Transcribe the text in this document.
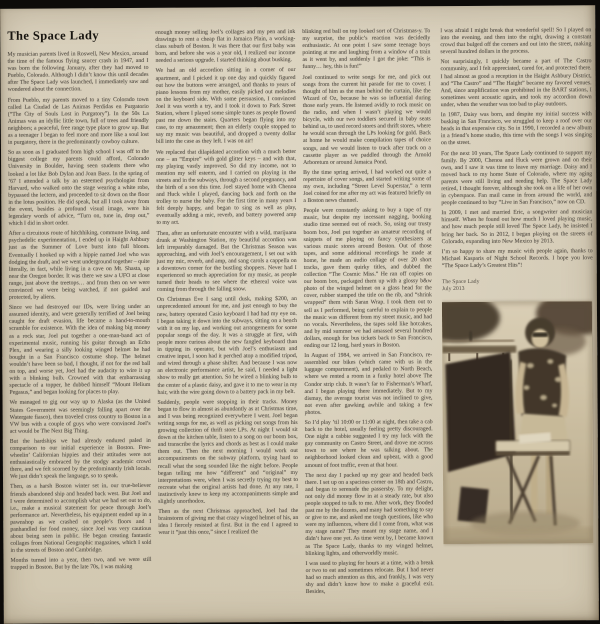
The Space Lady

My musician parents lived in Roswell, New Mexico, around the time of the famous flying saucer crash in 1947, and I was born the following January, after they had moved to Pueblo, Colorado. Although I didn’t know this until decades after The Space Lady was launched, I immediately saw and wondered about the connection.

From Pueblo, my parents moved to a tiny Colorado town called La Ciudad de Las Animas Perdidas en Purgatorio (“The City of Souls Lost in Purgatory”). In the 50s La Animas was an idyllic little town, full of trees and friendly neighbors; a peaceful, free range type place to grow up. But as a teenager I began to feel more and more like a soul lost in purgatory, there in the predominantly cowboy culture.

So as soon as I graduated from high school I was off to the biggest college my parents could afford, Colorado University in Boulder, having seen students there who looked a lot like Bob Dylan and Joan Baez. In the spring of ’67 I attended a talk by an esteemed psychologist from Harvard, who walked onto the stage wearing a white robe, bypassed the lectern, and proceeded to sit down on the floor in the lotus position. He did speak, but all I took away from the event, besides a profound visual image, were his legendary words of advice, “Turn on, tune in, drop out,” which I did in short order.

After a circuitous route of hitchhiking, commune living, and psychedelic experimentation, I ended up in Haight Ashbury just as the Summer of Love burst into full bloom. Eventually I hooked up with a hippie named Joel who was dodging the draft, and we went underground together – quite literally, in fact, while living in a cave on Mt. Shasta, up near the Oregon border. It was there we saw a UFO at close range, just above the treetops… and from then on we were convinced we were being watched, if not guided and protected, by aliens.

Since we had destroyed our IDs, were living under an assumed identity, and were generally terrified of Joel being caught for draft evasion, life became a hand-to-mouth scramble for existence. With the idea of making big money as a rock star, Joel put together a one-man-band act of experimental music, running his guitar through an Echo Plex, and wearing a silly looking winged helmet he had bought in a San Francisco costume shop. The helmet wouldn’t have been so bad, I thought, if not for the red ball on top, and worse yet, Joel had the audacity to wire it up with a blinking bulb. Crowned with that embarrassing spectacle of a topper, he dubbed himself “Mount Helium Pegasus,” and began looking for places to play.

We managed to gig our way up to Alaska (as the United States Government was seemingly falling apart over the Watergate fiasco), then traveled cross country to Boston in a VW bus with a couple of guys who were convinced Joel’s act would be The Next Big Thing.

But the hardships we had already endured paled in comparison to our initial experience in Boston. Free-wheelin’ Californian hippies and their attitudes were not enthusiastically embraced by the stodgy academic crowd there, and we felt scorned by the predominantly Irish locals. We just didn’t speak the language, so to speak.

Then, as a harsh Boston winter set in, our true-believer friends abandoned ship and headed back west. But Joel and I were determined to accomplish what we had set out to do, i.e., make a musical statement for peace through Joel’s performance art. Nevertheless, his equipment ended up in a pawnshop as we crashed on people’s floors and I panhandled for food money, since Joel was very cautious about being seen in public. He began creating fantastic collages from National Geographic magazines, which I sold in the streets of Boston and Cambridge.

Months turned into a year, then two, and we were still trapped in Boston. But by the late 70s, I was making

enough money selling Joel’s collages and my pen and ink drawings to rent a cheap flat in Jamaica Plain, a working-class suburb of Boston. It was there that our first baby was born, and before she was a year old, I realized our income needed a serious upgrade. I started thinking about busking.

We had an old accordion sitting in a corner of our apartment, and I picked it up one day and quickly figured out how the buttons were arranged, and thanks to years of piano lessons from my mother, easily picked out melodies on the keyboard side. With some persuasion, I convinced Joel it was worth a try, and I took it down to Park Street Station, where I played some simple tunes as people flowed past me down the stairs. Quarters began flying into my case, to my amazement; then an elderly couple stopped to say my music was beautiful, and dropped a twenty dollar bill into the case as they left. I was on air!

We replaced that dilapidated accordion with a much better one – an “Empire” with gold glitter keys – and with that, my playing vastly improved. So did my income, not to mention my self esteem, and I carried on playing in the streets and in the subways, through a second pregnancy, and the birth of a son this time. Joel stayed home with Chenoa and Huck while I played, dancing back and forth on the trolley to nurse the baby. For the first time in many years I felt deeply happy, and began to sing as well as play, eventually adding a mic, reverb, and battery powered amp to my act.

Then, after an unfortunate encounter with a wild, marijuana drunk at Washington Station, my beautiful accordion was left irreparably damaged. But the Christmas Season was approaching, and with Joel’s encouragement, I set out with just my mic, reverb, and amp, and sang carols a cappella on a downtown corner for the bustling shoppers. Never had I experienced so much appreciation for my music, as people turned their heads to see where the ethereal voice was coming from through the falling snow.

On Christmas Eve I sang until dusk, making $200, an unprecedented amount for me, and just enough to buy the new, battery operated Casio keyboard I had had my eye on. I began taking it down into the subways, sitting on a bench with it on my lap, and working out arrangements for some popular songs of the day. It was a struggle at first, with people more curious about the new fangled keyboard than in tipping its operator, but with Joel’s enthusiasm and creative input, I soon had it perched atop a modified tripod, and wired through a phase shifter. And because I was now an electronic performance artist, he said, I needed a light show to really get attention. So he wired a blinking bulb to the center of a plastic daisy, and gave it to me to wear in my hair, with the wire going down to a battery pack in my belt.

Suddenly, people were stopping in their tracks. Money began to flow in almost as abundantly as at Christmas time, and I was being recognized everywhere I went. Joel began writing songs for me, as well as picking out songs from his growing collection of thrift store LPs. At night I would sit down at the kitchen table, listen to a song on our boom box, and transcribe the lyrics and chords as best as I could make them out. Then the next morning I would work out accompaniments on the subway platform, trying hard to recall what the song sounded like the night before. People began telling me how “different” and “original” my interpretations were, when I was secretly trying my best to recreate what the original artists had done. At any rate, I instinctively knew to keep my accompaniments simple and slightly unorthodox.

Then as the next Christmas approached, Joel had the brainstorm of giving me that crazy winged helmet of his, an idea I fiercely resisted at first. But in the end I agreed to wear it “just this once,” since I realized the

blinking red ball on top looked sort of Christmas-y. To my surprise, the public’s reaction was decidedly enthusiastic. At one point I saw some teenage boys pointing at me and laughing from a window of a train as it went by, and suddenly I got the joke: “This is funny… hey, this is fun!”

Joel continued to write songs for me, and pick out songs from the current hit parade for me to cover. I thought of him as the man behind the curtain, like the Wizard of Oz, because he was so influential during those early years. He listened avidly to rock music on the radio, and when I wasn’t playing we would bicycle, with our two toddlers secured in baby seats behind us, to used record stores and thrift stores, where he would scan through the LPs looking for gold. Back at home he would make compilation tapes of choice songs, and we would listen to track after track on a cassette player as we paddled through the Arnold Arboretum or around Jamaica Pond.

By the time spring arrived, I had worked out quite a repertoire of cover songs, and started writing some of my own, including “Street Level Superstar,” a term Joel coined for me after my act was featured briefly on a Boston news channel.

People were constantly asking to buy a tape of my music, but despite my incessant nagging, booking studio time seemed out of reach. So, using our trusty boom box, Joel put together an amateur recording of snippets of me playing on fancy synthesizers at various music stores around Boston. Out of those tapes, and some additional recordings he made at home, he made an audio collage of over 20 short tracks, gave them quirky titles, and dubbed the collection “The Cosmic Miss.” He ran off copies on our boom box, packaged them up with a glossy b&w photo of the winged helmet on a glass head for the cover, rubber stamped the title on the rib, and “shrink wrapped” them with Saran Wrap. I took them out to sell as I performed, being careful to explain to people the music was different from my street music, and had no vocals. Nevertheless, the tapes sold like hotcakes, and by mid summer we had amassed several hundred dollars, enough for bus tickets back to San Francisco, ending our 12 long, hard years in Boston.

In August of 1984, we arrived in San Francisco, re-assembled our bikes (which came with us in the luggage compartment), and pedaled to North Beach, where we rented a room in a funky hotel above The Condor strip club. It wasn’t far to Fisherman’s Wharf, and I began playing there immediately. But to my dismay, the average tourist was not inclined to give, not even after gawking awhile and taking a few photos.

So I’d play ’til 10:00 or 11:00 at night, then take a cab back to the hotel, usually feeling pretty discouraged. One night a cabbie suggested I try my luck with the gay community on Castro Street, and drove me across town to see where he was talking about. The neighborhood looked clean and upbeat, with a good amount of foot traffic, even at that hour.

The next day I packed up my gear and headed back there. I set up on a spacious corner on 18th and Castro, and began to serenade the passersby. To my delight, not only did money flow in at a steady rate, but also people stopped to talk to me. After work, they flooded past me by the dozens, and many had something to say or give to me, and asked me tough questions, like who were my influences, where did I come from, what was my stage name? They meant my stage name, and I didn’t have one yet. As time went by, I became known as The Space Lady, thanks to my winged helmet, blinking lights, and otherworldly music.

I was used to playing for hours at a time, with a break or two to eat and sometimes relocate. But I had never had so much attention as this, and frankly, I was very shy and didn’t know how to make a graceful exit. Besides,

I was afraid I might break that wonderful spell! So I played on into the evening, and then into the night, drawing a constant crowd that bulged off the corners and out into the street, making several hundred dollars in the process.

Not surprisingly, I quickly became a part of The Castro community, and I felt appreciated, cared for, and protected there. I had almost as good a reception in the Haight Ashbury District, and “The Castro” and “The Haight” became my favored venues. And, since amplification was prohibited in the BART stations, I sometimes went acoustic again, and took my accordion down under, when the weather was too bad to play outdoors.

In 1987, Daisy was born, and despite my initial success with busking in San Francisco, we struggled to keep a roof over our heads in that expensive city. So in 1990, I recorded a new album in a friend’s home studio, this time with the songs I was singing on the street.

For the next 10 years, The Space Lady continued to support my family. By 2000, Chenoa and Huck were grown and on their own, and I saw it was time to leave my marriage. Daisy and I moved back to my home State of Colorado, where my aging parents were still living and needing help. The Space Lady retired, I thought forever, although she took on a life of her own in cyberspace. Fan mail came in from around the world, and people continued to buy “Live in San Francisco,” now on CD.

In 2009, I met and married Eric, a songwriter and musician himself. When he found out how much I loved playing music, and how much people still loved The Space Lady, he insisted I bring her back. So in 2012, I began playing on the streets of Colorado, expanding into New Mexico by 2013.

I’m so happy to share my music with people again, thanks to Michael Kasparis of Night School Records. I hope you love “The Space Lady’s Greatest Hits”!

The Space Lady
July 2013
